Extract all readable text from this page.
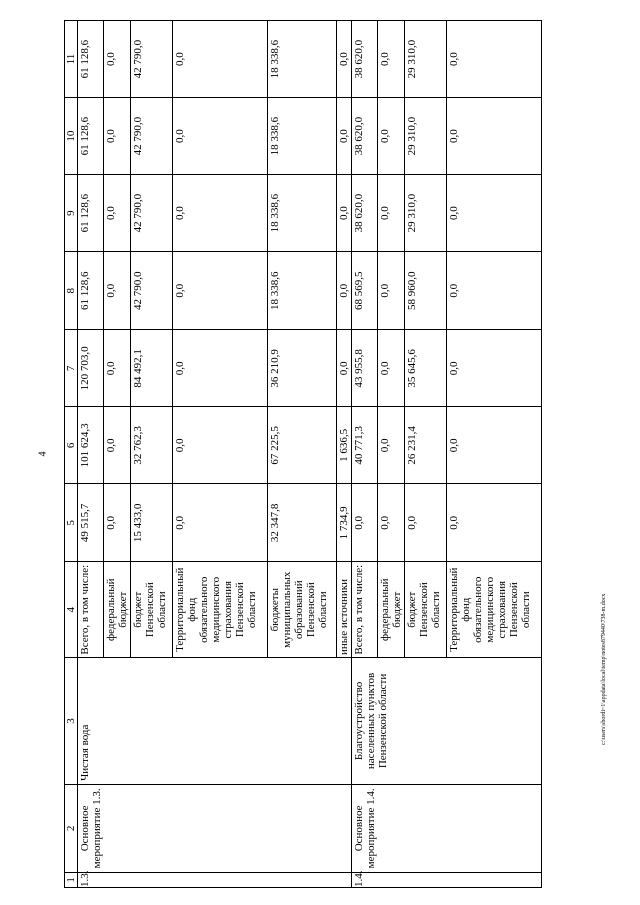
4
1	2	3	4	5	6	7	8	9	10	11
1.3.	Основное мероприятие 1.3.	Чистая вода	Всего, в том числе:	49 515,7	101 624,3	120 703,0	61 128,6	61 128,6	61 128,6	61 128,6
			федеральный бюджет	0,0	0,0	0,0	0,0	0,0	0,0	0,0
			бюджет Пензенской области	15 433,0	32 762,3	84 492,1	42 790,0	42 790,0	42 790,0	42 790,0
			Территориальный фонд обязательного медицинского страхования Пензенской области	0,0	0,0	0,0	0,0	0,0	0,0	0,0
			бюджеты муниципальных образований Пензенской области	32 347,8	67 225,5	36 210,9	18 338,6	18 338,6	18 338,6	18 338,6
			иные источники	1 734,9	1 636,5	0,0	0,0	0,0	0,0	0,0
1.4.	Основное мероприятие 1.4.	Благоустройство населенных пунктов Пензенской области	Всего, в том числе:	0,0	40 771,3	43 955,8	68 569,5	38 620,0	38 620,0	38 620,0
			федеральный бюджет	0,0	0,0	0,0	0,0	0,0	0,0	0,0
			бюджет Пензенской области	0,0	26 231,4	35 645,6	58 960,0	29 310,0	29 310,0	29 310,0
			Территориальный фонд обязательного медицинского страхования Пензенской области	0,0	0,0	0,0	0,0	0,0	0,0	0,0
c:\users\sbordi~1\appdata\local\temp\notes879440\738-m.docx
